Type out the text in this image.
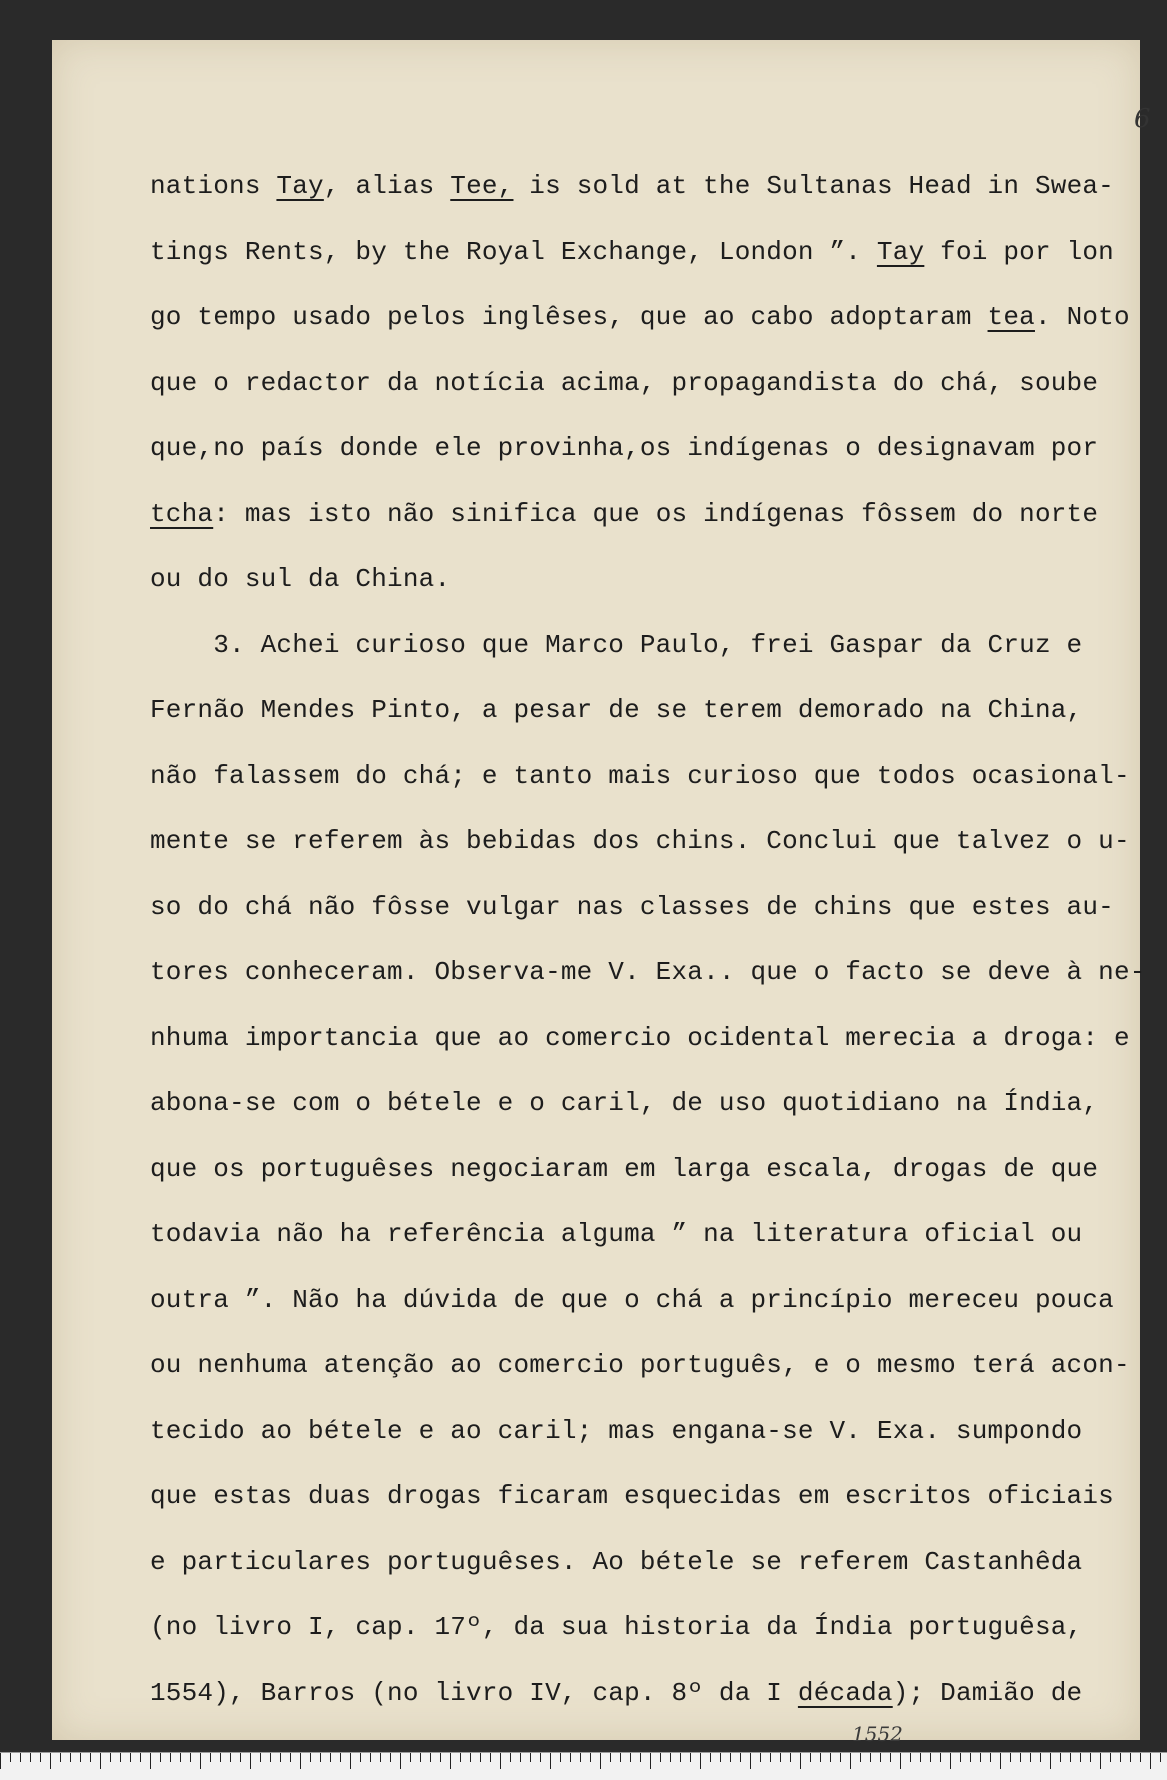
6
nations Tay, alias Tee, is sold at the Sultanas Head in Swea-
tings Rents, by the Royal Exchange, London ”. Tay foi por lon
go tempo usado pelos inglêses, que ao cabo adoptaram tea. Noto
que o redactor da notícia acima, propagandista do chá, soube
que,no país donde ele provinha,os indígenas o designavam por
tcha: mas isto não sinifica que os indígenas fôssem do norte
ou do sul da China.
3. Achei curioso que Marco Paulo, frei Gaspar da Cruz e
Fernão Mendes Pinto, a pesar de se terem demorado na China,
não falassem do chá; e tanto mais curioso que todos ocasional-
mente se referem às bebidas dos chins. Conclui que talvez o u-
so do chá não fôsse vulgar nas classes de chins que estes au-
tores conheceram. Observa-me V. Exa.. que o facto se deve à ne-
nhuma importancia que ao comercio ocidental merecia a droga: e
abona-se com o bétele e o caril, de uso quotidiano na Índia,
que os portuguêses negociaram em larga escala, drogas de que
todavia não ha referência alguma ” na literatura oficial ou
outra ”. Não ha dúvida de que o chá a princípio mereceu pouca
ou nenhuma atenção ao comercio português, e o mesmo terá acon-
tecido ao bétele e ao caril; mas engana-se V. Exa. sumpondo
que estas duas drogas ficaram esquecidas em escritos oficiais
e particulares portuguêses. Ao bétele se referem Castanhêda
(no livro I, cap. 17º, da sua historia da Índia portuguêsa,
1554), Barros (no livro IV, cap. 8º da I década); Damião de
1552
